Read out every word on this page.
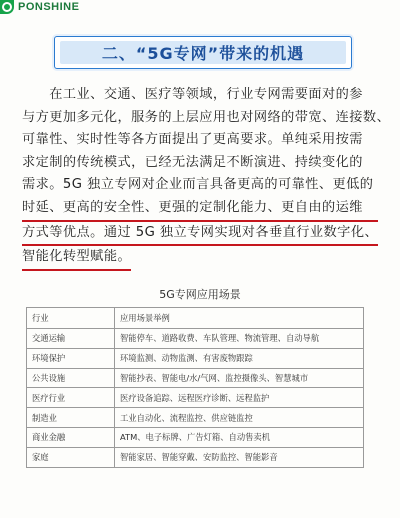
PONSHINE
二、“5G专网”带来的机遇
　　在工业、交通、医疗等领域，行业专网需要面对的参
与方更加多元化，服务的上层应用也对网络的带宽、连接数、
可靠性、实时性等各方面提出了更高要求。单纯采用按需
求定制的传统模式，已经无法满足不断演进、持续变化的
需求。5G 独立专网对企业而言具备更高的可靠性、更低的
时延、更高的安全性、更强的定制化能力、更自由的运维
方式等优点。通过 5G 独立专网实现对各垂直行业数字化、
智能化转型赋能。
5G专网应用场景
行业	应用场景举例
交通运输	智能停车、道路收费、车队管理、物流管理、自动导航
环境保护	环境监测、动物监测、有害废物跟踪
公共设施	智能抄表、智能电/水/气网、监控摄像头、智慧城市
医疗行业	医疗设备追踪、远程医疗诊断、远程监护
制造业	工业自动化、流程监控、供应链监控
商业金融	ATM、电子标牌、广告灯箱、自动售卖机
家庭	智能家居、智能穿戴、安防监控、智能影音
